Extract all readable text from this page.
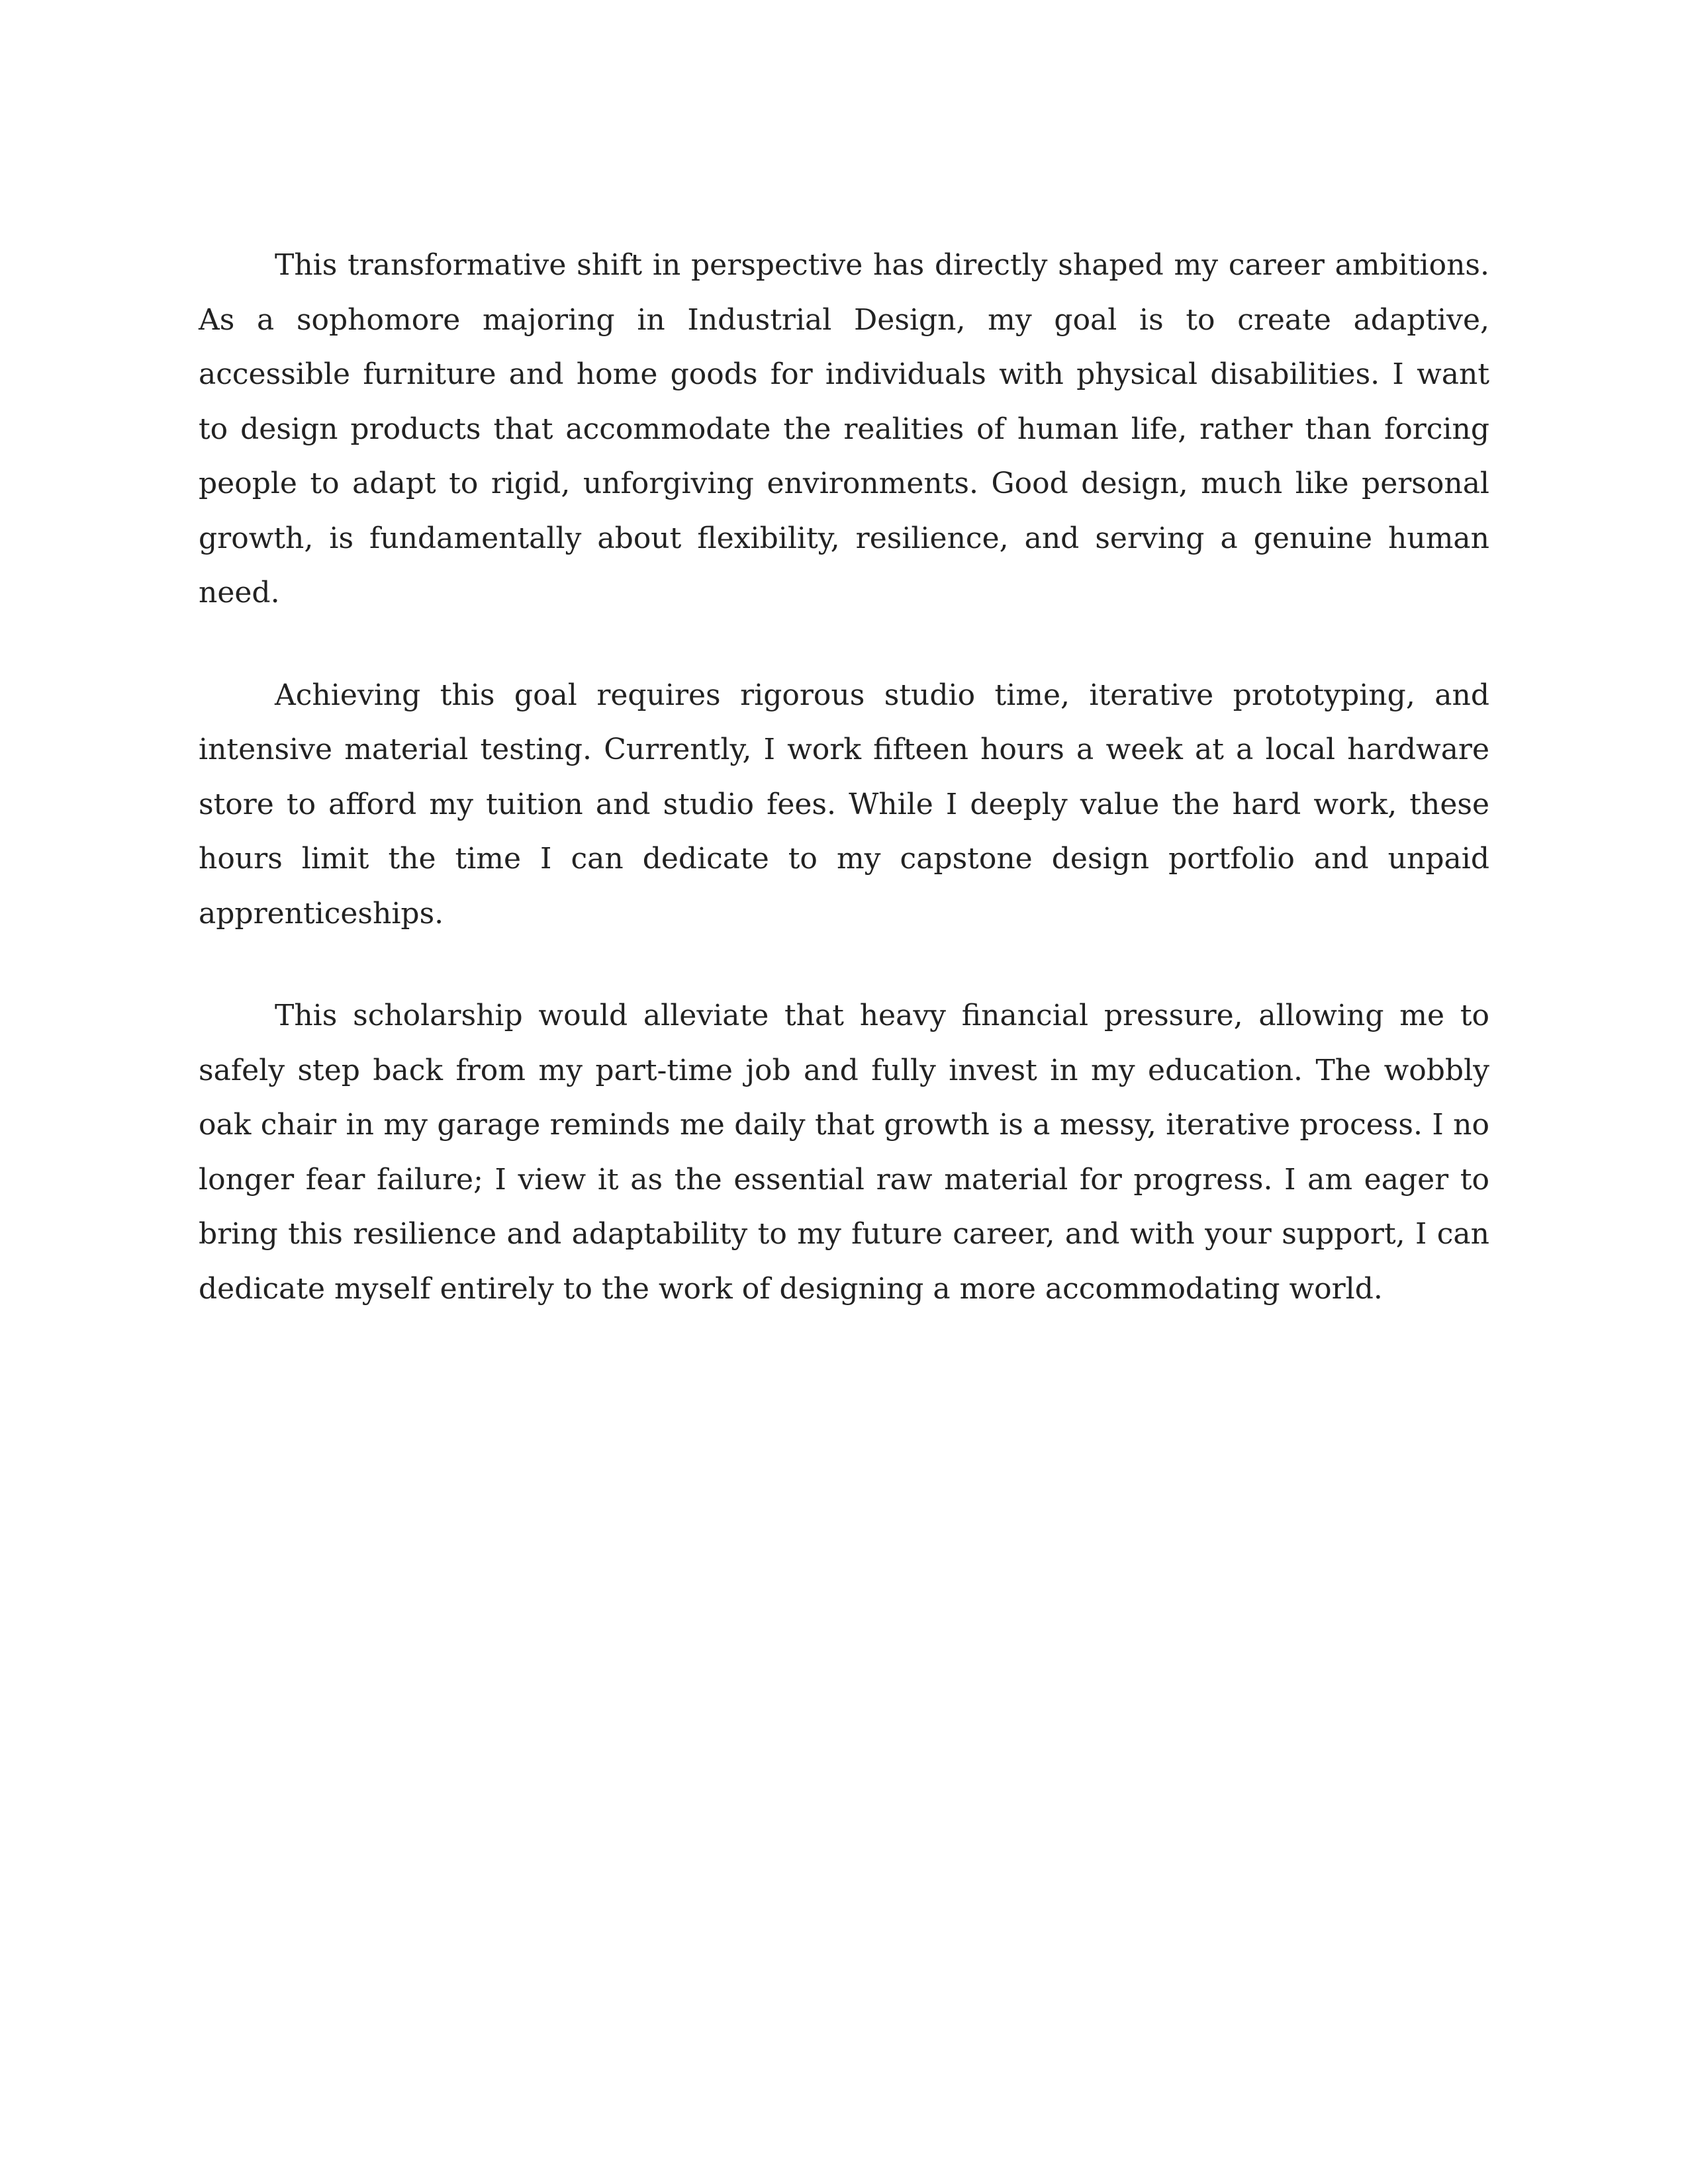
This transformative shift in perspective has directly shaped my career ambitions. As a sophomore majoring in Industrial Design, my goal is to create adaptive, accessible furniture and home goods for individuals with physical disabilities. I want to design products that accommodate the realities of human life, rather than forcing people to adapt to rigid, unforgiving environments. Good design, much like personal growth, is fundamentally about flexibility, resilience, and serving a genuine human need.

Achieving this goal requires rigorous studio time, iterative prototyping, and intensive material testing. Currently, I work fifteen hours a week at a local hardware store to afford my tuition and studio fees. While I deeply value the hard work, these hours limit the time I can dedicate to my capstone design portfolio and unpaid apprenticeships.

This scholarship would alleviate that heavy financial pressure, allowing me to safely step back from my part-time job and fully invest in my education. The wobbly oak chair in my garage reminds me daily that growth is a messy, iterative process. I no longer fear failure; I view it as the essential raw material for progress. I am eager to bring this resilience and adaptability to my future career, and with your support, I can dedicate myself entirely to the work of designing a more accommodating world.
